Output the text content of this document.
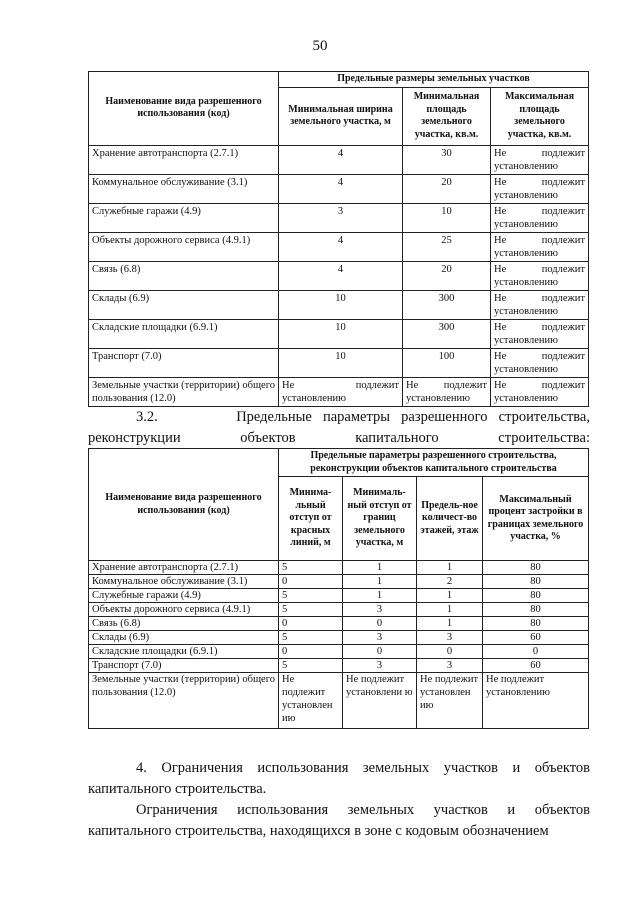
50
Наименование вида разрешенного использования (код)	Предельные размеры земельных участков		
	Минимальная ширина земельного участка, м	Минимальная площадь земельного участка, кв.м.	Максимальная площадь земельного участка, кв.м.
Хранение автотранспорта (2.7.1)	4	30	Не подлежит установлению
Коммунальное обслуживание (3.1)	4	20	Не подлежит установлению
Служебные гаражи (4.9)	3	10	Не подлежит установлению
Объекты дорожного сервиса (4.9.1)	4	25	Не подлежит установлению
Связь (6.8)	4	20	Не подлежит установлению
Склады (6.9)	10	300	Не подлежит установлению
Складские площадки (6.9.1)	10	300	Не подлежит установлению
Транспорт (7.0)	10	100	Не подлежит установлению
Земельные участки (территории) общего пользования (12.0)	Не подлежит установлению	Не подлежит установлению	Не подлежит установлению

3.2.	Предельные параметры разрешенного строительства, реконструкции объектов капитального строительства:

Наименование вида разрешенного использования (код)	Предельные параметры разрешенного строительства, реконструкции объектов капитального строительства			
	Минима-льный отступ от красных линий, м	Минималь-ный отступ от границ земельного участка, м	Предель-ное количест-во этажей, этаж	Максимальный процент застройки в границах земельного участка, %
Хранение автотранспорта (2.7.1)	5	1	1	80
Коммунальное обслуживание (3.1)	0	1	2	80
Служебные гаражи (4.9)	5	1	1	80
Объекты дорожного сервиса (4.9.1)	5	3	1	80
Связь (6.8)	0	0	1	80
Склады (6.9)	5	3	3	60
Складские площадки (6.9.1)	0	0	0	0
Транспорт (7.0)	5	3	3	60
Земельные участки (территории) общего пользования (12.0)	Не подлежит установлен ию	Не подлежит установлени ю	Не подлежит установлен ию	Не подлежит установлению

4. Ограничения использования земельных участков и объектов капитального строительства.

Ограничения использования земельных участков и объектов капитального строительства, находящихся в зоне с кодовым обозначением
